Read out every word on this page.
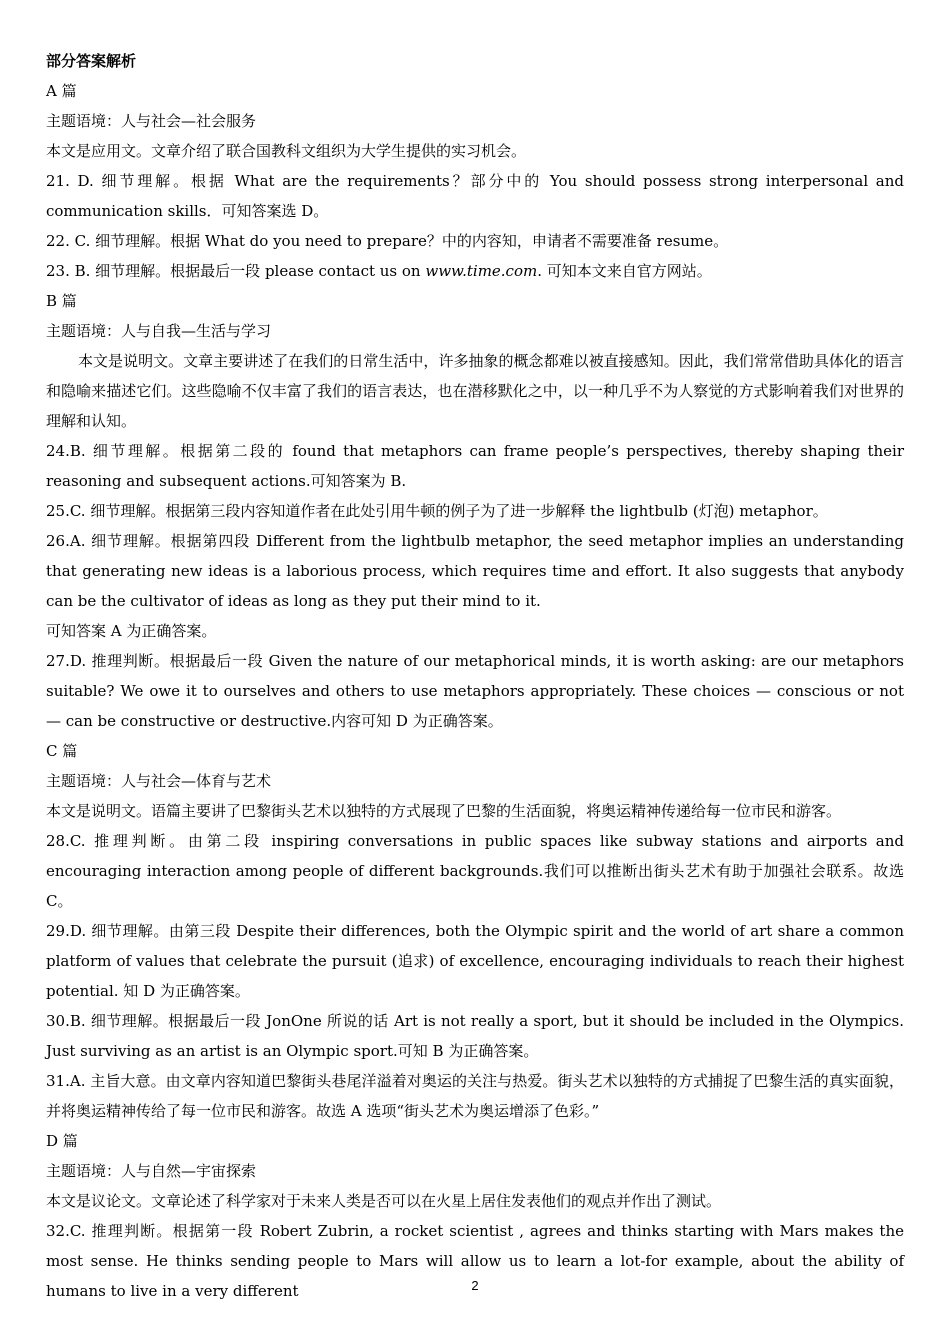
部分答案解析

A 篇

主题语境：人与社会—社会服务

本文是应用文。文章介绍了联合国教科文组织为大学生提供的实习机会。

21. D. 细节理解。根据 What are the requirements？部分中的 You should possess strong interpersonal and communication skills．可知答案选 D。

22. C. 细节理解。根据 What do you need to prepare？中的内容知，申请者不需要准备 resume。

23. B. 细节理解。根据最后一段 please contact us on www.time.com. 可知本文来自官方网站。

B 篇

主题语境：人与自我—生活与学习

本文是说明文。文章主要讲述了在我们的日常生活中，许多抽象的概念都难以被直接感知。因此，我们常常借助具体化的语言和隐喻来描述它们。这些隐喻不仅丰富了我们的语言表达，也在潜移默化之中，以一种几乎不为人察觉的方式影响着我们对世界的理解和认知。

24.B. 细节理解。根据第二段的 found that metaphors can frame people’s perspectives, thereby shaping their reasoning and subsequent actions.可知答案为 B.

25.C. 细节理解。根据第三段内容知道作者在此处引用牛顿的例子为了进一步解释 the lightbulb (灯泡) metaphor。

26.A. 细节理解。根据第四段 Different from the lightbulb metaphor, the seed metaphor implies an understanding that generating new ideas is a laborious process, which requires time and effort. It also suggests that anybody can be the cultivator of ideas as long as they put their mind to it.

可知答案 A 为正确答案。

27.D. 推理判断。根据最后一段 Given the nature of our metaphorical minds, it is worth asking: are our metaphors suitable? We owe it to ourselves and others to use metaphors appropriately. These choices — conscious or not — can be constructive or destructive.内容可知 D 为正确答案。

C 篇

主题语境：人与社会—体育与艺术

本文是说明文。语篇主要讲了巴黎街头艺术以独特的方式展现了巴黎的生活面貌，将奥运精神传递给每一位市民和游客。

28.C. 推理判断。由第二段 inspiring conversations in public spaces like subway stations and airports and encouraging interaction among people of different backgrounds.我们可以推断出街头艺术有助于加强社会联系。故选 C。

29.D. 细节理解。由第三段 Despite their differences, both the Olympic spirit and the world of art share a common platform of values that celebrate the pursuit (追求) of excellence, encouraging individuals to reach their highest potential. 知 D 为正确答案。

30.B. 细节理解。根据最后一段 JonOne 所说的话 Art is not really a sport, but it should be included in the Olympics. Just surviving as an artist is an Olympic sport.可知 B 为正确答案。

31.A. 主旨大意。由文章内容知道巴黎街头巷尾洋溢着对奥运的关注与热爱。街头艺术以独特的方式捕捉了巴黎生活的真实面貌，并将奥运精神传给了每一位市民和游客。故选 A 选项“街头艺术为奥运增添了色彩。”

D 篇

主题语境：人与自然—宇宙探索

本文是议论文。文章论述了科学家对于未来人类是否可以在火星上居住发表他们的观点并作出了测试。

32.C. 推理判断。根据第一段 Robert Zubrin, a rocket scientist , agrees and thinks starting with Mars makes the most sense. He thinks sending people to Mars will allow us to learn a lot-for example, about the ability of humans to live in a very different	2
